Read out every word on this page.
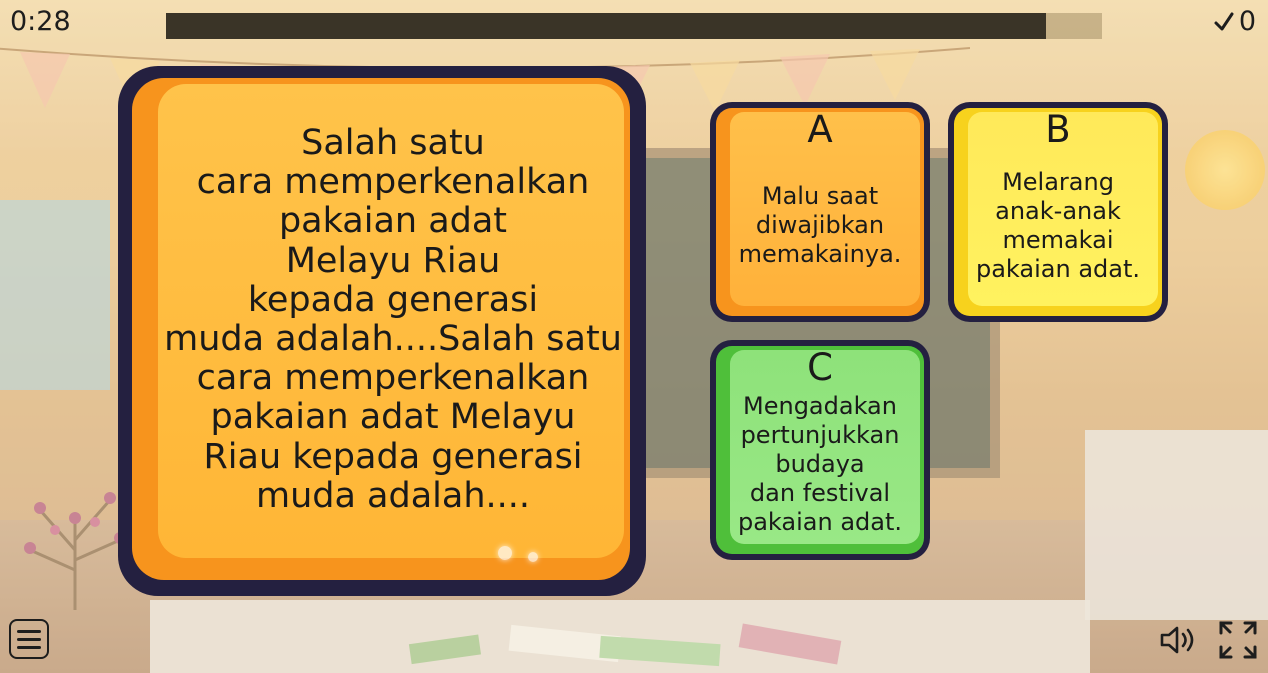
0:28	0
Salah satu
cara memperkenalkan
pakaian adat
Melayu Riau
kepada generasi
muda adalah....Salah satu
cara memperkenalkan
pakaian adat Melayu
Riau kepada generasi
muda adalah....
A
Malu saat
diwajibkan
memakainya.
B
Melarang
anak-anak
memakai
pakaian adat.
C
Mengadakan
pertunjukkan
budaya
dan festival
pakaian adat.
